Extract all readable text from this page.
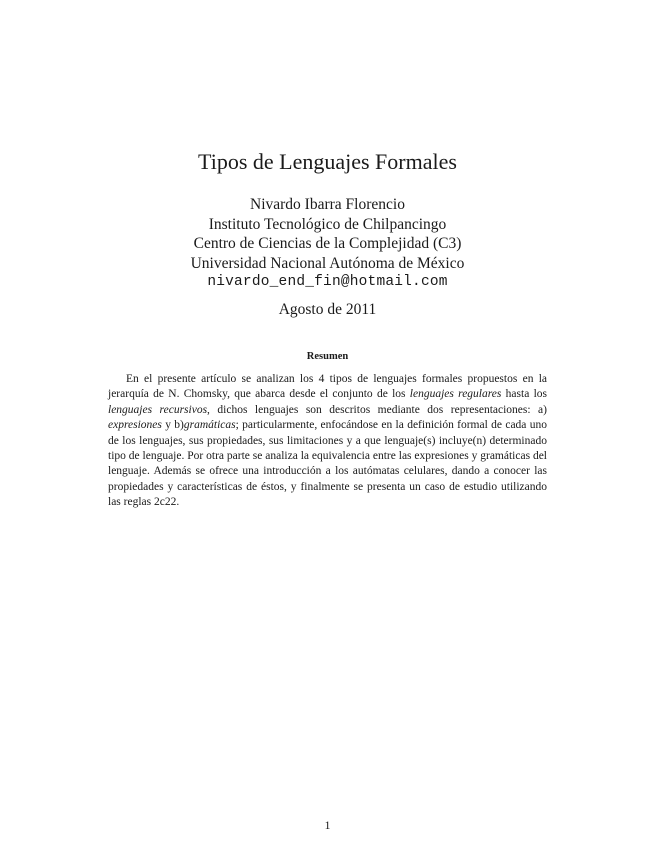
Tipos de Lenguajes Formales
Nivardo Ibarra Florencio
Instituto Tecnológico de Chilpancingo
Centro de Ciencias de la Complejidad (C3)
Universidad Nacional Autónoma de México
nivardo_end_fin@hotmail.com
Agosto de 2011
Resumen

En el presente artículo se analizan los 4 tipos de lenguajes formales propuestos en la jerarquía de N. Chomsky, que abarca desde el conjunto de los lenguajes regulares hasta los lenguajes recursivos, dichos lenguajes son descritos mediante dos representaciones: a) expresiones y b)gramáticas; particularmente, enfocándose en la definición formal de cada uno de los lenguajes, sus propiedades, sus limitaciones y a que lenguaje(s) incluye(n) determinado tipo de lenguaje. Por otra parte se analiza la equivalencia entre las expresiones y gramáticas del lenguaje. Además se ofrece una introducción a los autómatas celulares, dando a conocer las propiedades y características de éstos, y finalmente se presenta un caso de estudio utilizando las reglas 2c22.

1
